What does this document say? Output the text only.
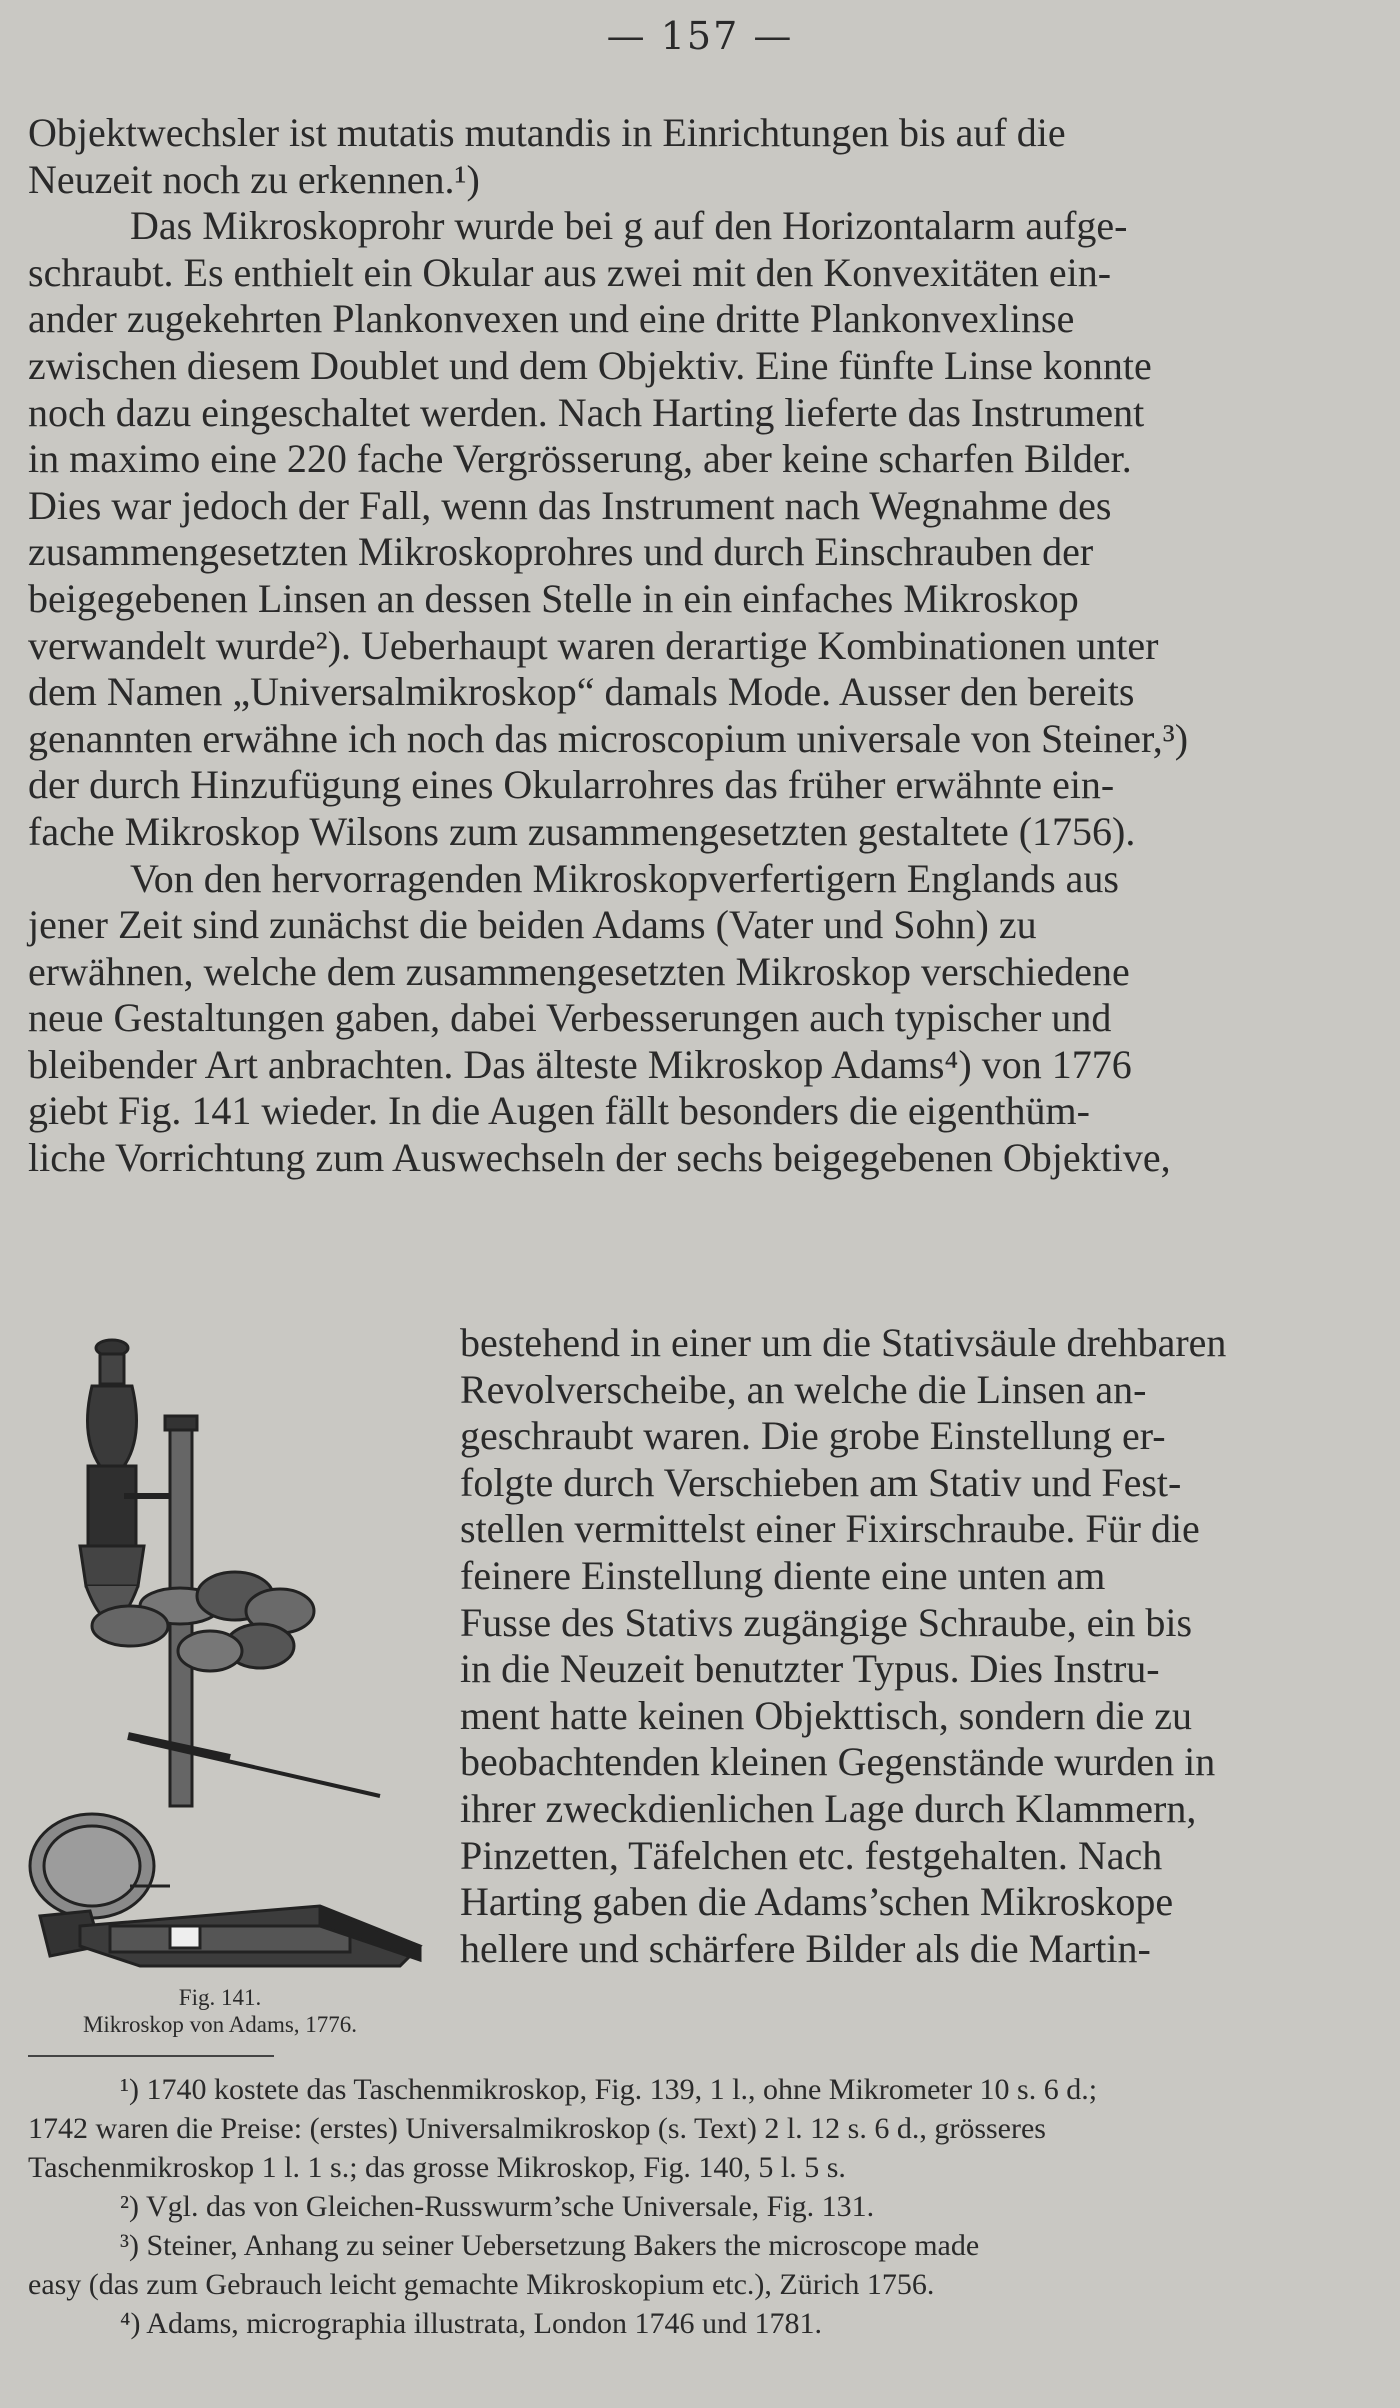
— 157 —
Objektwechsler ist mutatis mutandis in Einrichtungen bis auf die
Neuzeit noch zu erkennen.¹)
Das Mikroskoprohr wurde bei g auf den Horizontalarm aufge-
schraubt. Es enthielt ein Okular aus zwei mit den Konvexitäten ein-
ander zugekehrten Plankonvexen und eine dritte Plankonvexlinse
zwischen diesem Doublet und dem Objektiv. Eine fünfte Linse konnte
noch dazu eingeschaltet werden. Nach Harting lieferte das Instrument
in maximo eine 220 fache Vergrösserung, aber keine scharfen Bilder.
Dies war jedoch der Fall, wenn das Instrument nach Wegnahme des
zusammengesetzten Mikroskoprohres und durch Einschrauben der
beigegebenen Linsen an dessen Stelle in ein einfaches Mikroskop
verwandelt wurde²). Ueberhaupt waren derartige Kombinationen unter
dem Namen „Universalmikroskop“ damals Mode. Ausser den bereits
genannten erwähne ich noch das microscopium universale von Steiner,³)
der durch Hinzufügung eines Okularrohres das früher erwähnte ein-
fache Mikroskop Wilsons zum zusammengesetzten gestaltete (1756).
Von den hervorragenden Mikroskopverfertigern Englands aus
jener Zeit sind zunächst die beiden Adams (Vater und Sohn) zu
erwähnen, welche dem zusammengesetzten Mikroskop verschiedene
neue Gestaltungen gaben, dabei Verbesserungen auch typischer und
bleibender Art anbrachten. Das älteste Mikroskop Adams⁴) von 1776
giebt Fig. 141 wieder. In die Augen fällt besonders die eigenthüm-
liche Vorrichtung zum Auswechseln der sechs beigegebenen Objektive,
bestehend in einer um die Stativsäule drehbaren
Revolverscheibe, an welche die Linsen an-
geschraubt waren. Die grobe Einstellung er-
folgte durch Verschieben am Stativ und Fest-
stellen vermittelst einer Fixirschraube. Für die
feinere Einstellung diente eine unten am
Fusse des Stativs zugängige Schraube, ein bis
in die Neuzeit benutzter Typus. Dies Instru-
ment hatte keinen Objekttisch, sondern die zu
beobachtenden kleinen Gegenstände wurden in
ihrer zweckdienlichen Lage durch Klammern,
Pinzetten, Täfelchen etc. festgehalten. Nach
Harting gaben die Adams’schen Mikroskope
hellere und schärfere Bilder als die Martin-
Fig. 141.
Mikroskop von Adams, 1776.
¹) 1740 kostete das Taschenmikroskop, Fig. 139, 1 l., ohne Mikrometer 10 s. 6 d.;
1742 waren die Preise: (erstes) Universalmikroskop (s. Text) 2 l. 12 s. 6 d., grösseres
Taschenmikroskop 1 l. 1 s.; das grosse Mikroskop, Fig. 140, 5 l. 5 s.
²) Vgl. das von Gleichen-Russwurm’sche Universale, Fig. 131.
³) Steiner, Anhang zu seiner Uebersetzung Bakers the microscope made
easy (das zum Gebrauch leicht gemachte Mikroskopium etc.), Zürich 1756.
⁴) Adams, micrographia illustrata, London 1746 und 1781.
